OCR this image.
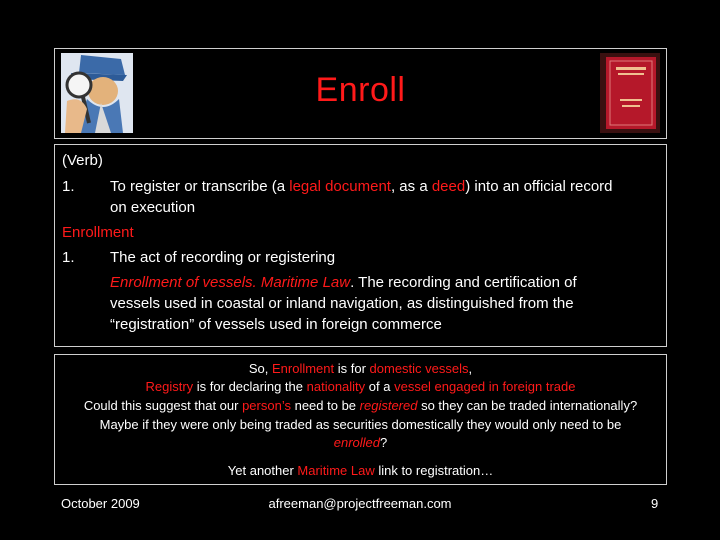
Enroll
(Verb)
1. To register or transcribe (a legal document, as a deed) into an official record
on execution
Enrollment
1. The act of recording or registering
Enrollment of vessels. Maritime Law. The recording and certification of
vessels used in coastal or inland navigation, as distinguished from the
“registration” of vessels used in foreign commerce
So, Enrollment is for domestic vessels,
Registry is for declaring the nationality of a vessel engaged in foreign trade
Could this suggest that our person’s need to be registered so they can be traded internationally?
Maybe if they were only being traded as securities domestically they would only need to be
enrolled?
Yet another Maritime Law link to registration…
October 2009	afreeman@projectfreeman.com	9
